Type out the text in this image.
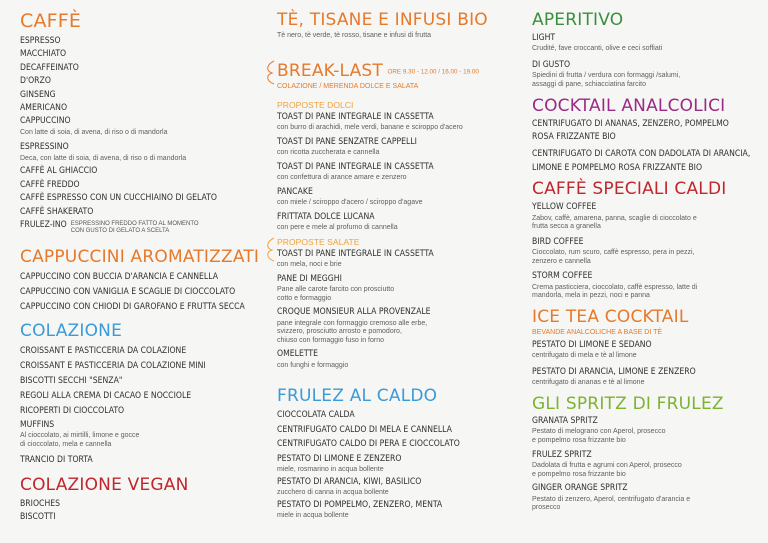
CAFFÈ
ESPRESSO
MACCHIATO
DECAFFEINATO
D'ORZO
GINSENG
AMERICANO
CAPPUCCINO
Con latte di soia, di avena, di riso o di mandorla
ESPRESSINO
Deca, con latte di soia, di avena, di riso o di mandorla
CAFFÈ AL GHIACCIO
CAFFÈ FREDDO
CAFFÈ ESPRESSO CON UN CUCCHIAINO DI GELATO
CAFFÈ SHAKERATO
FRULEZ-INO ESPRESSINO FREDDO FATTO AL MOMENTO
CON GUSTO DI GELATO A SCELTA
CAPPUCCINI AROMATIZZATI
CAPPUCCINO CON BUCCIA D'ARANCIA E CANNELLA
CAPPUCCINO CON VANIGLIA E SCAGLIE DI CIOCCOLATO
CAPPUCCINO CON CHIODI DI GAROFANO E FRUTTA SECCA
COLAZIONE
CROISSANT E PASTICCERIA DA COLAZIONE
CROISSANT E PASTICCERIA DA COLAZIONE MINI
BISCOTTI SECCHI "SENZA"
REGOLI ALLA CREMA DI CACAO E NOCCIOLE
RICOPERTI DI CIOCCOLATO
MUFFINS
Al cioccolato, ai mirtilli, limone e gocce
di cioccolato, mela e cannella
TRANCIO DI TORTA
COLAZIONE VEGAN
BRIOCHES
BISCOTTI
TÈ, TISANE E INFUSI BIO
Tè nero, tè verde, tè rosso, tisane e infusi di frutta
BREAK-LAST ORE 9.30 - 12.00 / 16.00 - 19.00
COLAZIONE / MERENDA DOLCE E SALATA
PROPOSTE DOLCI
TOAST DI PANE INTEGRALE IN CASSETTA
con burro di arachidi, mele verdi, banane e sciroppo d'acero
TOAST DI PANE SENZATRE CAPPELLI
con ricotta zuccherata e cannella
TOAST DI PANE INTEGRALE IN CASSETTA
con confettura di arance amare e zenzero
PANCAKE
con miele / sciroppo d'acero / sciroppo d'agave
FRITTATA DOLCE LUCANA
con pere e mele al profumo di cannella
PROPOSTE SALATE
TOAST DI PANE INTEGRALE IN CASSETTA
con mela, noci e brie
PANE DI MEGGHI
Pane alle carote farcito con prosciutto
cotto e formaggio
CROQUE MONSIEUR ALLA PROVENZALE
pane integrale con formaggio cremoso alle erbe,
svizzero, prosciutto arrosto e pomodoro,
chiuso con formaggio fuso in forno
OMELETTE
con funghi e formaggio
FRULEZ AL CALDO
CIOCCOLATA CALDA
CENTRIFUGATO CALDO DI MELA E CANNELLA
CENTRIFUGATO CALDO DI PERA E CIOCCOLATO
PESTATO DI LIMONE E ZENZERO
miele, rosmarino in acqua bollente
PESTATO DI ARANCIA, KIWI, BASILICO
zucchero di canna in acqua bollente
PESTATO DI POMPELMO, ZENZERO, MENTA
miele in acqua bollente
APERITIVO
LIGHT
Crudité, fave croccanti, olive e ceci soffiati
DI GUSTO
Spiedini di frutta / verdura con formaggi /salumi,
assaggi di pane, schiacciatina farcito
COCKTAIL ANALCOLICI
CENTRIFUGATO DI ANANAS, ZENZERO, POMPELMO
ROSA FRIZZANTE BIO
CENTRIFUGATO DI CAROTA CON DADOLATA DI ARANCIA,
LIMONE E POMPELMO ROSA FRIZZANTE BIO
CAFFÈ SPECIALI CALDI
YELLOW COFFEE
Zabov, caffè, amarena, panna, scaglie di cioccolato e
frutta secca a granella
BIRD COFFEE
Cioccolato, rum scuro, caffè espresso, pera in pezzi,
zenzero e cannella
STORM COFFEE
Crema pasticciera, cioccolato, caffè espresso, latte di
mandorla, mela in pezzi, noci e panna
ICE TEA COCKTAIL
BEVANDE ANALCOLICHE A BASE DI TÈ
PESTATO DI LIMONE E SEDANO
centrifugato di mela e tè al limone
PESTATO DI ARANCIA, LIMONE E ZENZERO
centrifugato di ananas e tè al limone
GLI SPRITZ DI FRULEZ
GRANATA SPRITZ
Pestato di melograno con Aperol, prosecco
e pompelmo rosa frizzante bio
FRULEZ SPRITZ
Dadolata di frutta e agrumi con Aperol, prosecco
e pompelmo rosa frizzante bio
GINGER ORANGE SPRITZ
Pestato di zenzero, Aperol, centrifugato d'arancia e
prosecco
